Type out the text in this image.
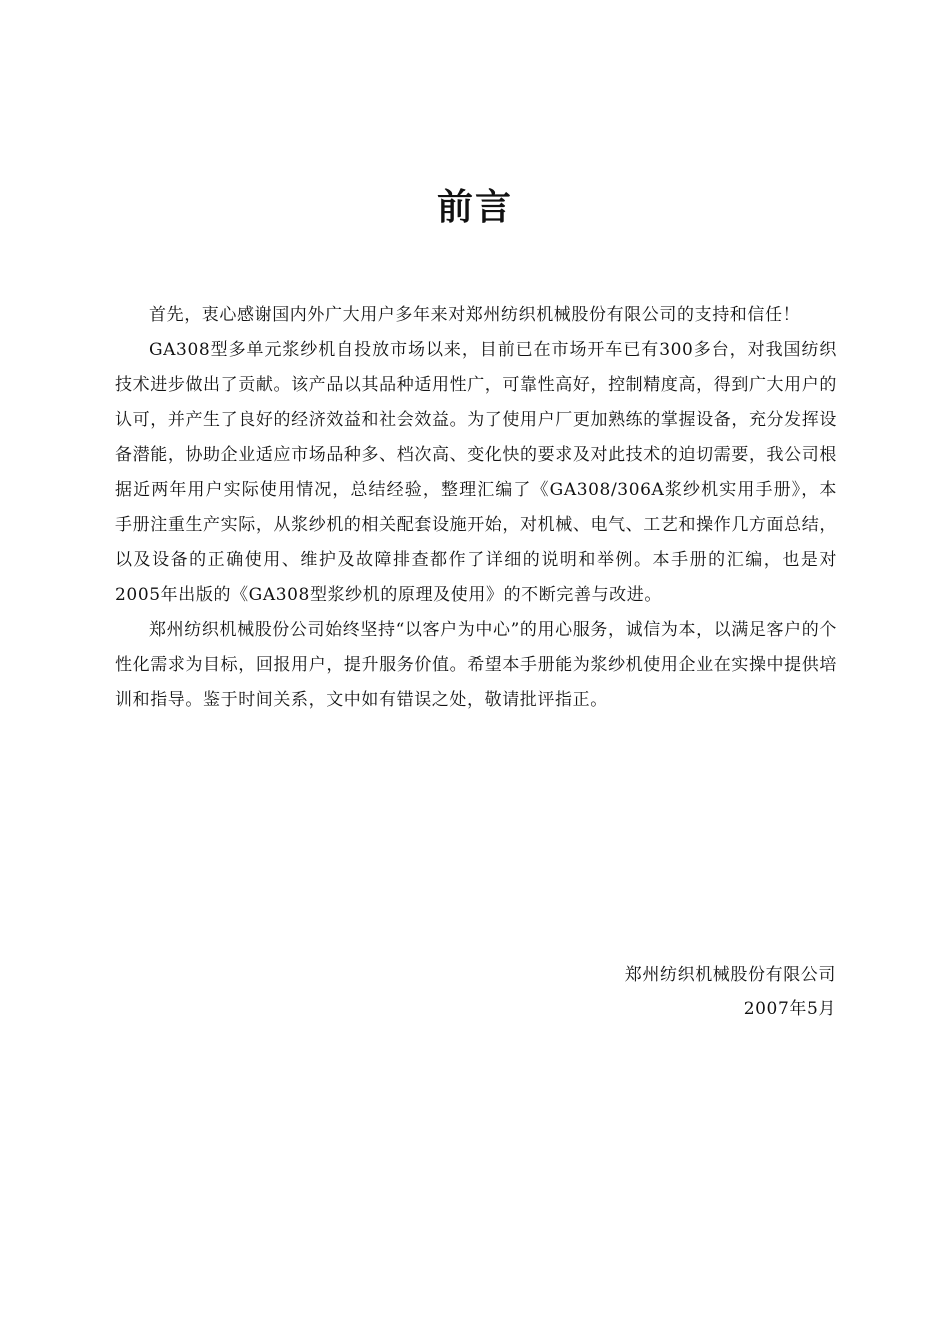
前言

首先，衷心感谢国内外广大用户多年来对郑州纺织机械股份有限公司的支持和信任！

GA308型多单元浆纱机自投放市场以来，目前已在市场开车已有300多台，对我国纺织技术进步做出了贡献。该产品以其品种适用性广，可靠性高好，控制精度高，得到广大用户的认可，并产生了良好的经济效益和社会效益。为了使用户厂更加熟练的掌握设备，充分发挥设备潜能，协助企业适应市场品种多、档次高、变化快的要求及对此技术的迫切需要，我公司根据近两年用户实际使用情况，总结经验，整理汇编了《GA308/306A浆纱机实用手册》，本手册注重生产实际，从浆纱机的相关配套设施开始，对机械、电气、工艺和操作几方面总结，以及设备的正确使用、维护及故障排查都作了详细的说明和举例。本手册的汇编，也是对2005年出版的《GA308型浆纱机的原理及使用》的不断完善与改进。

郑州纺织机械股份公司始终坚持“以客户为中心”的用心服务，诚信为本，以满足客户的个性化需求为目标，回报用户，提升服务价值。希望本手册能为浆纱机使用企业在实操中提供培训和指导。鉴于时间关系，文中如有错误之处，敬请批评指正。

郑州纺织机械股份有限公司
2007年5月
